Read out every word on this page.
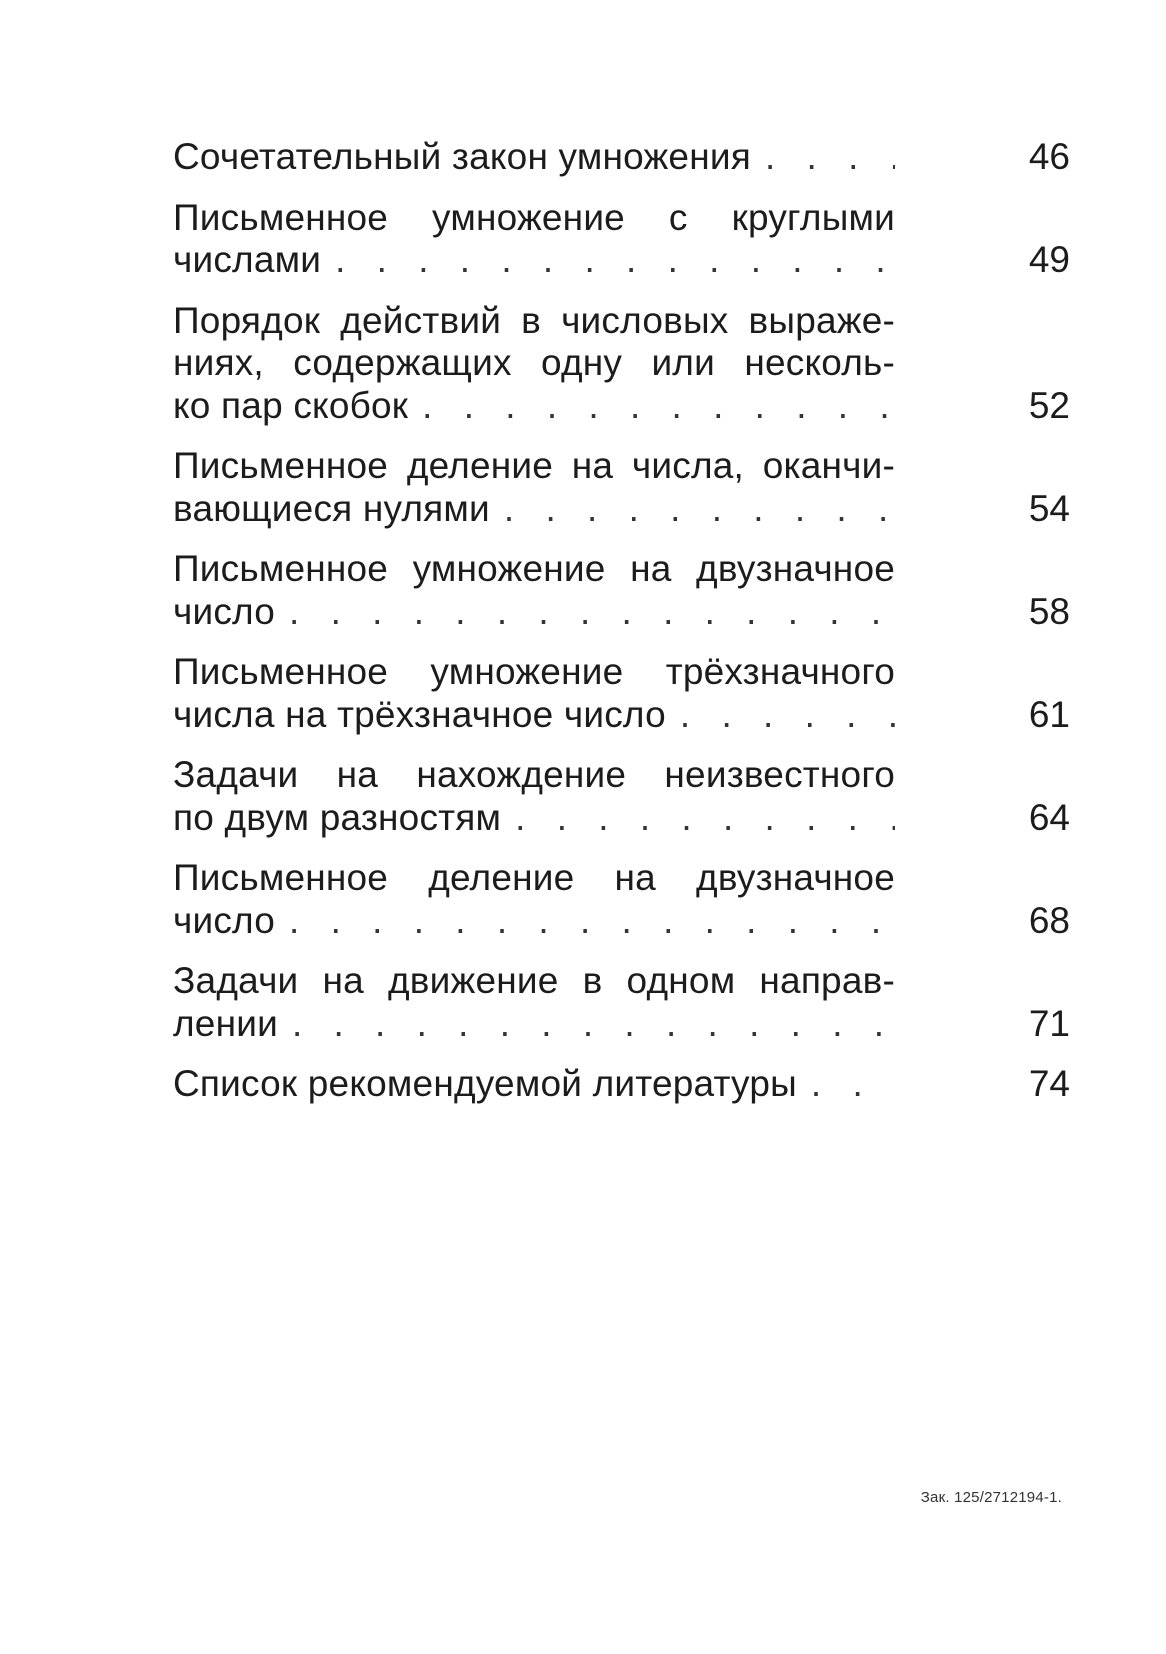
Сочетательный закон умножения . . .	46
Письменное умножение с круглыми
числами . . .	49
Порядок действий в числовых выраже-
ниях, содержащих одну или несколь-
ко пар скобок . . .	52
Письменное деление на числа, оканчи-
вающиеся нулями . . .	54
Письменное умножение на двузначное
число . . .	58
Письменное умножение трёхзначного
числа на трёхзначное число . . .	61
Задачи на нахождение неизвестного
по двум разностям . . .	64
Письменное деление на двузначное
число . . .	68
Задачи на движение в одном направ-
лении . . .	71
Список рекомендуемой литературы . . .	74
Зак. 125/2712194-1.
